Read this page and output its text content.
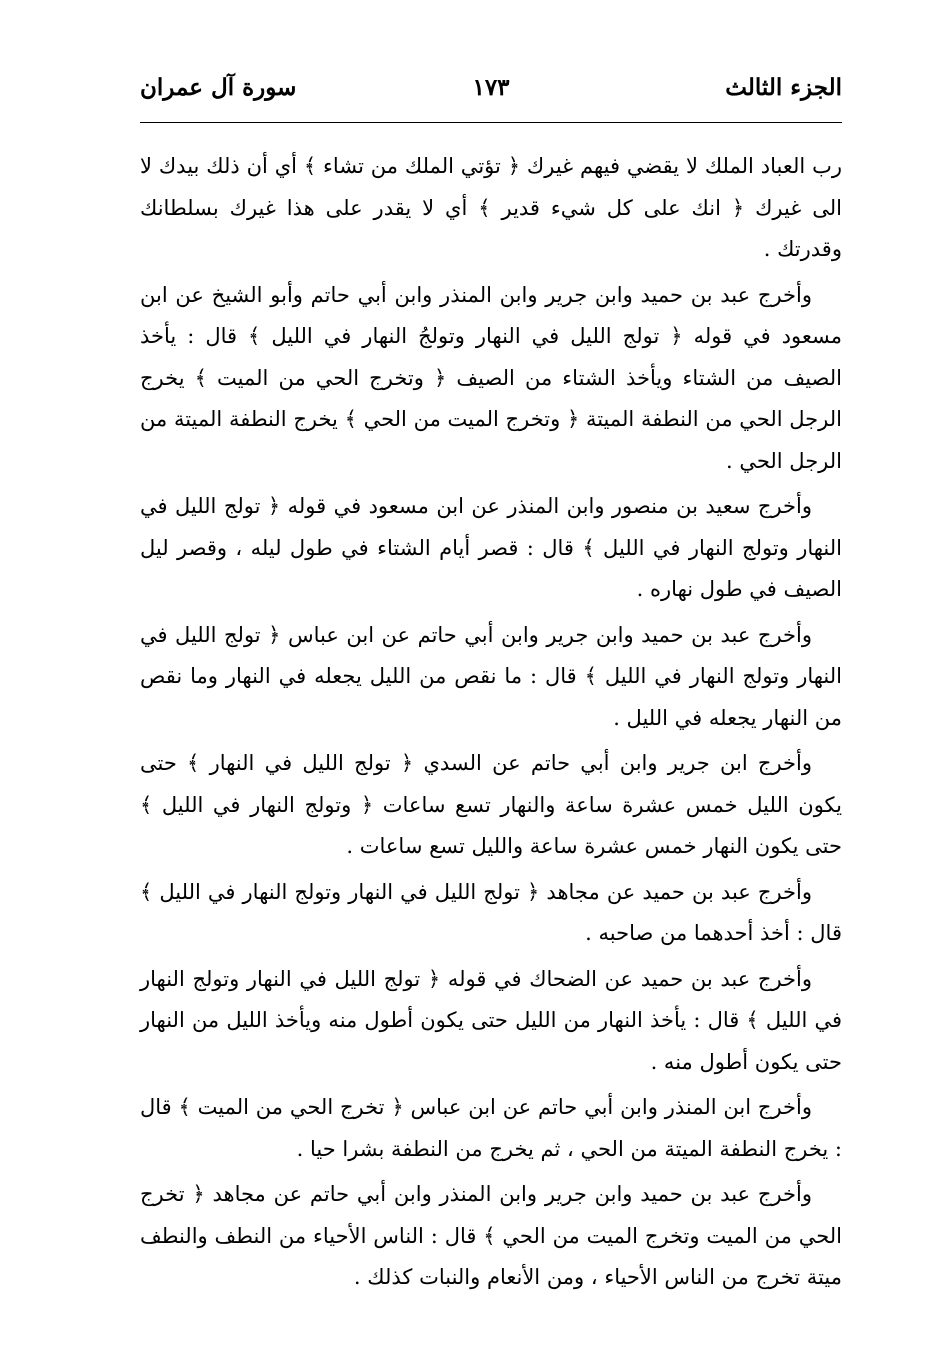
الجزء الثالث
١٧٣
سورة آل عمران

رب العباد الملك لا يقضي فيهم غيرك ﴿ تؤتي الملك من تشاء ﴾ أي أن ذلك بيدك لا الى غيرك ﴿ انك على كل شيء قدير ﴾ أي لا يقدر على هذا غيرك بسلطانك وقدرتك .

وأخرج عبد بن حميد وابن جرير وابن المنذر وابن أبي حاتم وأبو الشيخ عن ابن مسعود في قوله ﴿ تولج الليل في النهار وتولجُ النهار في الليل ﴾ قال : يأخذ الصيف من الشتاء ويأخذ الشتاء من الصيف ﴿ وتخرج الحي من الميت ﴾ يخرج الرجل الحي من النطفة الميتة ﴿ وتخرج الميت من الحي ﴾ يخرج النطفة الميتة من الرجل الحي .

وأخرج سعيد بن منصور وابن المنذر عن ابن مسعود في قوله ﴿ تولج الليل في النهار وتولج النهار في الليل ﴾ قال : قصر أيام الشتاء في طول ليله ، وقصر ليل الصيف في طول نهاره .

وأخرج عبد بن حميد وابن جرير وابن أبي حاتم عن ابن عباس ﴿ تولج الليل في النهار وتولج النهار في الليل ﴾ قال : ما نقص من الليل يجعله في النهار وما نقص من النهار يجعله في الليل .

وأخرج ابن جرير وابن أبي حاتم عن السدي ﴿ تولج الليل في النهار ﴾ حتى يكون الليل خمس عشرة ساعة والنهار تسع ساعات ﴿ وتولج النهار في الليل ﴾ حتى يكون النهار خمس عشرة ساعة والليل تسع ساعات .

وأخرج عبد بن حميد عن مجاهد ﴿ تولج الليل في النهار وتولج النهار في الليل ﴾ قال : أخذ أحدهما من صاحبه .

وأخرج عبد بن حميد عن الضحاك في قوله ﴿ تولج الليل في النهار وتولج النهار في الليل ﴾ قال : يأخذ النهار من الليل حتى يكون أطول منه ويأخذ الليل من النهار حتى يكون أطول منه .

وأخرج ابن المنذر وابن أبي حاتم عن ابن عباس ﴿ تخرج الحي من الميت ﴾ قال : يخرج النطفة الميتة من الحي ، ثم يخرج من النطفة بشرا حيا .

وأخرج عبد بن حميد وابن جرير وابن المنذر وابن أبي حاتم عن مجاهد ﴿ تخرج الحي من الميت وتخرج الميت من الحي ﴾ قال : الناس الأحياء من النطف والنطف ميتة تخرج من الناس الأحياء ، ومن الأنعام والنبات كذلك .
